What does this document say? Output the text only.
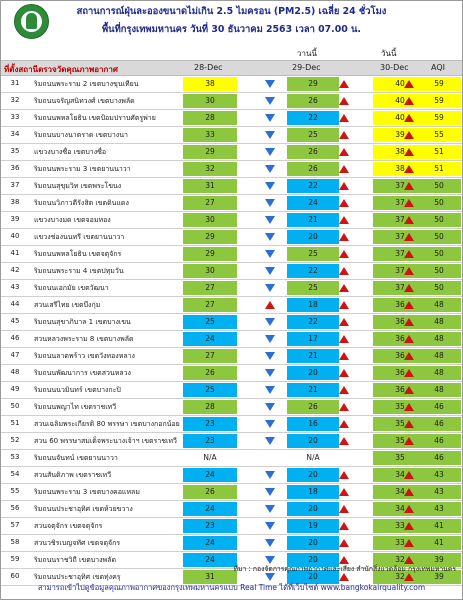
สถานการณ์ฝุ่นละอองขนาดไม่เกิน 2.5 ไมครอน (PM2.5) เฉลี่ย 24 ชั่วโมง
พื้นที่กรุงเทพมหานคร วันที่ 30 ธันวาคม 2563 เวลา 07.00 น.
วานนี้	วันนี้
ที่ตั้งสถานีตรวจวัดคุณภาพอากาศ	28-Dec	29-Dec	30-Dec	AQI
31	ริมถนนพระราม 2 เขตบางขุนเทียน	38	29	40	59
32	ริมถนนจรัญสนิทวงศ์ เขตบางพลัด	30	26	40	59
33	ริมถนนพหลโยธิน เขตป้อมปราบศัตรูพ่าย	28	22	40	59
34	ริมถนนบางนาตราด เขตบางนา	33	25	39	55
35	แขวงบางซื่อ เขตบางซื่อ	29	26	38	51
36	ริมถนนพระราม 3 เขตยานนาวา	32	26	38	51
37	ริมถนนสุขุมวิท เขตพระโขนง	31	22	37	50
38	ริมถนนวิภาวดีรังสิต เขตดินแดง	27	24	37	50
39	แขวงบางมด เขตจอมทอง	30	21	37	50
40	แขวงช่องนนทรี เขตยานนาวา	29	20	37	50
41	ริมถนนพหลโยธิน เขตจตุจักร	29	25	37	50
42	ริมถนนพระราม 4 เขตปทุมวัน	30	22	37	50
43	ริมถนนเอกมัย เขตวัฒนา	27	25	37	50
44	สวนเสรีไทย เขตบึงกุ่ม	27	18	36	48
45	ริมถนนสุขาภิบาล 1 เขตบางเขน	25	22	36	48
46	สวนหลวงพระราม 8 เขตบางพลัด	24	17	36	48
47	ริมถนนลาดพร้าว เขตวังทองหลาง	27	21	36	48
48	ริมถนนพัฒนาการ เขตสวนหลวง	26	20	36	48
49	ริมถนนนวมินทร์ เขตบางกะปิ	25	21	36	48
50	ริมถนนพญาไท เขตราชเทวี	28	26	35	46
51	สวนเฉลิมพระเกียรติ 80 พรรษา เขตบางกอกน้อย	23	16	35	46
52	สวน 60 พรรษาสมเด็จพระนางเจ้าฯ เขตราชเทวี	23	20	35	46
53	ริมถนนจันทน์ เขตยานนาวา	N/A	N/A	35	46
54	สวนสันติภาพ เขตราชเทวี	24	20	34	43
55	ริมถนนพระราม 3 เขตบางคอแหลม	26	18	34	43
56	ริมถนนประชาอุทิศ เขตห้วยขวาง	24	20	34	43
57	สวนจตุจักร เขตจตุจักร	23	19	33	41
58	สวนวชิรเบญจทัศ เขตจตุจักร	24	20	33	41
59	ริมถนนราชวิถี เขตบางพลัด	24	20	32	39
60	ริมถนนประชาอุทิศ เขตทุ่งครุ	31	20	32	39
ที่มา : กองจัดการคุณภาพอากาศและเสียง สำนักสิ่งแวดล้อม กรุงเทพมหานคร
สามารถเข้าไปดูข้อมูลคุณภาพอากาศของกรุงเทพมหานครแบบ Real Time ได้ที่เว็บไซต์ www.bangkokairquality.com
